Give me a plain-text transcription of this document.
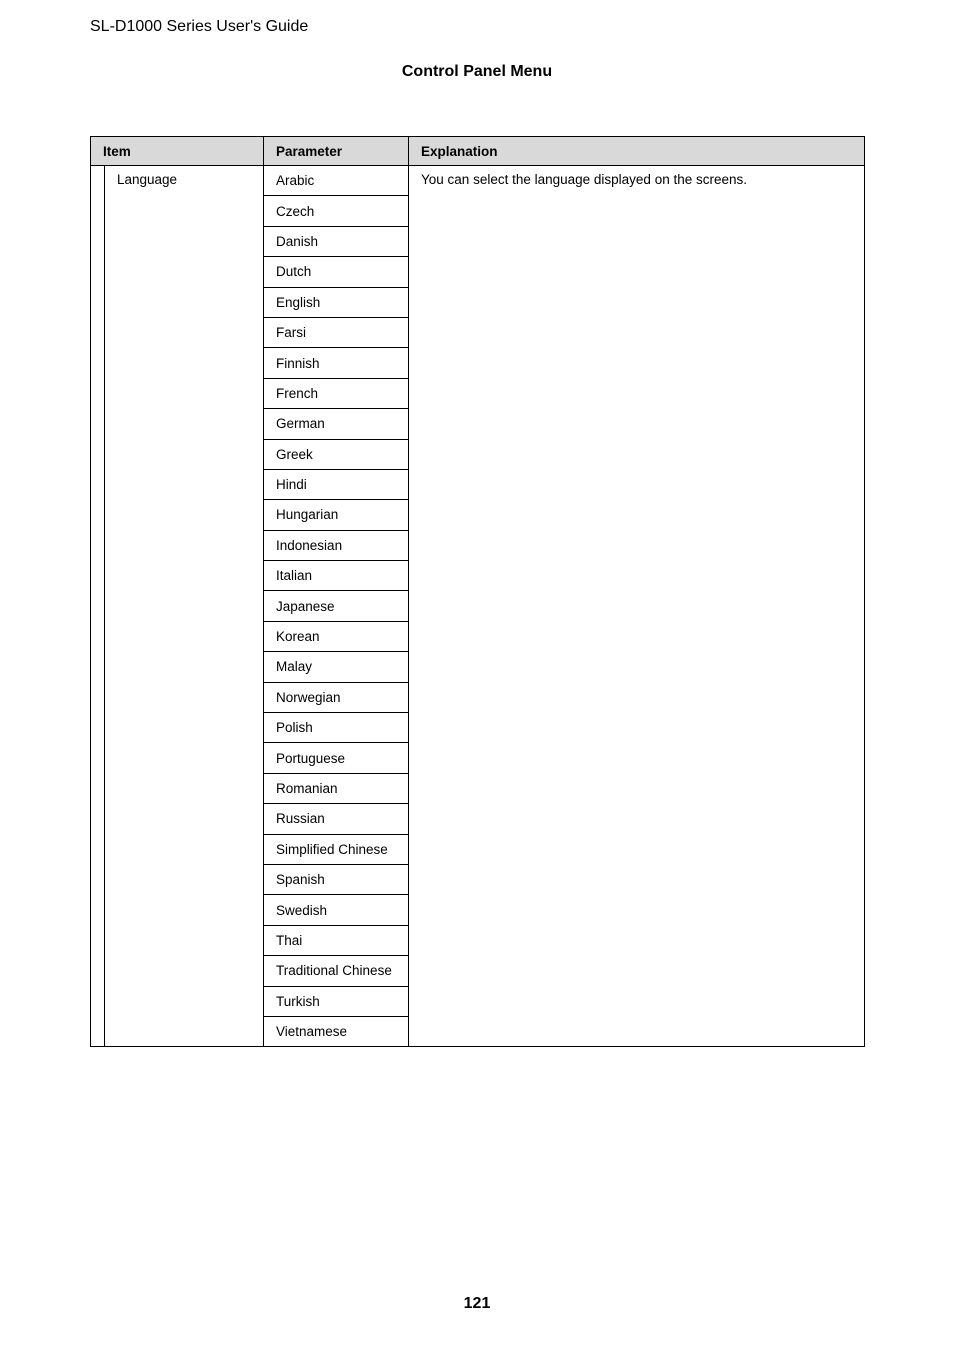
SL-D1000 Series User's Guide
Control Panel Menu
Item		Parameter	Explanation
	Language	Arabic	You can select the language displayed on the screens.
		Czech	
		Danish	
		Dutch	
		English	
		Farsi	
		Finnish	
		French	
		German	
		Greek	
		Hindi	
		Hungarian	
		Indonesian	
		Italian	
		Japanese	
		Korean	
		Malay	
		Norwegian	
		Polish	
		Portuguese	
		Romanian	
		Russian	
		Simplified Chinese	
		Spanish	
		Swedish	
		Thai	
		Traditional Chinese	
		Turkish	
		Vietnamese	
121
